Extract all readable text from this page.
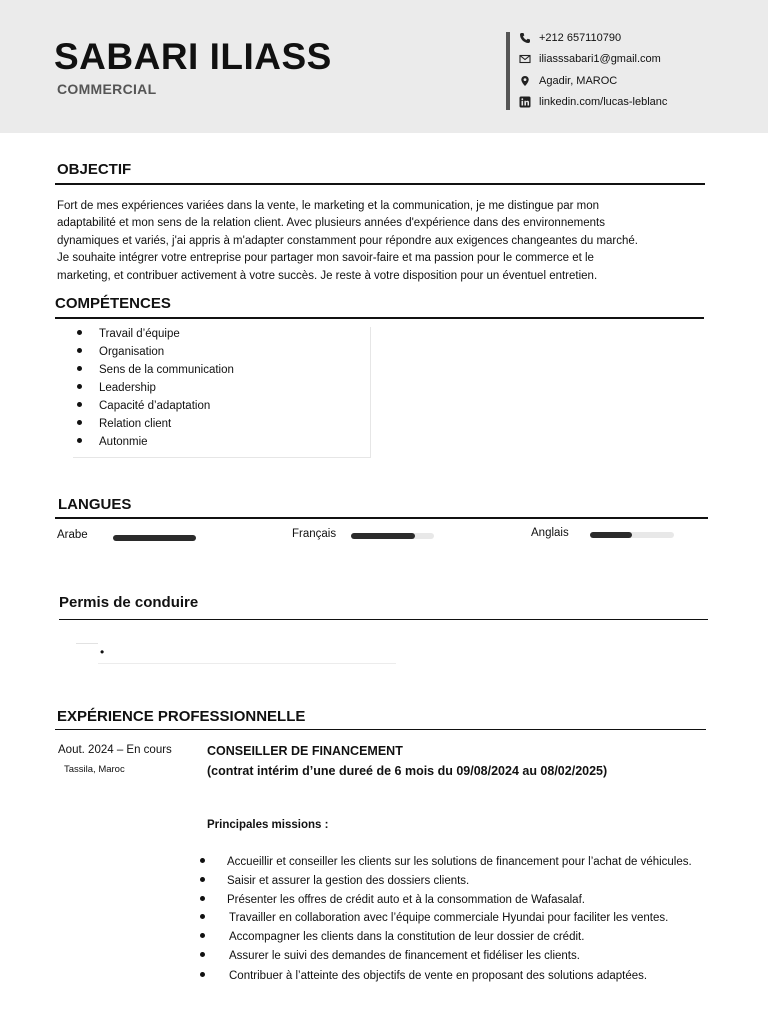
SABARI ILIASS
COMMERCIAL
+212 657110790
iliasssabari1@gmail.com
Agadir, MAROC
linkedin.com/lucas-leblanc
OBJECTIF
Fort de mes expériences variées dans la vente, le marketing et la communication, je me distingue par mon
adaptabilité et mon sens de la relation client. Avec plusieurs années d'expérience dans des environnements
dynamiques et variés, j'ai appris à m'adapter constamment pour répondre aux exigences changeantes du marché.
Je souhaite intégrer votre entreprise pour partager mon savoir-faire et ma passion pour le commerce et le
marketing, et contribuer activement à votre succès. Je reste à votre disposition pour un éventuel entretien.
COMPÉTENCES
Travail d’équipe
Organisation
Sens de la communication
Leadership
Capacité d’adaptation
Relation client
Autonmie
LANGUES
Arabe	Français	Anglais
Permis de conduire
•
EXPÉRIENCE PROFESSIONNELLE
Aout. 2024 – En cours
Tassila, Maroc
CONSEILLER DE FINANCEMENT
(contrat intérim d’une dureé de 6 mois du 09/08/2024 au 08/02/2025)
Principales missions :
Accueillir et conseiller les clients sur les solutions de financement pour l’achat de véhicules.
Saisir et assurer la gestion des dossiers clients.
Présenter les offres de crédit auto et à la consommation de Wafasalaf.
Travailler en collaboration avec l’équipe commerciale Hyundai pour faciliter les ventes.
Accompagner les clients dans la constitution de leur dossier de crédit.
Assurer le suivi des demandes de financement et fidéliser les clients.
Contribuer à l’atteinte des objectifs de vente en proposant des solutions adaptées.
